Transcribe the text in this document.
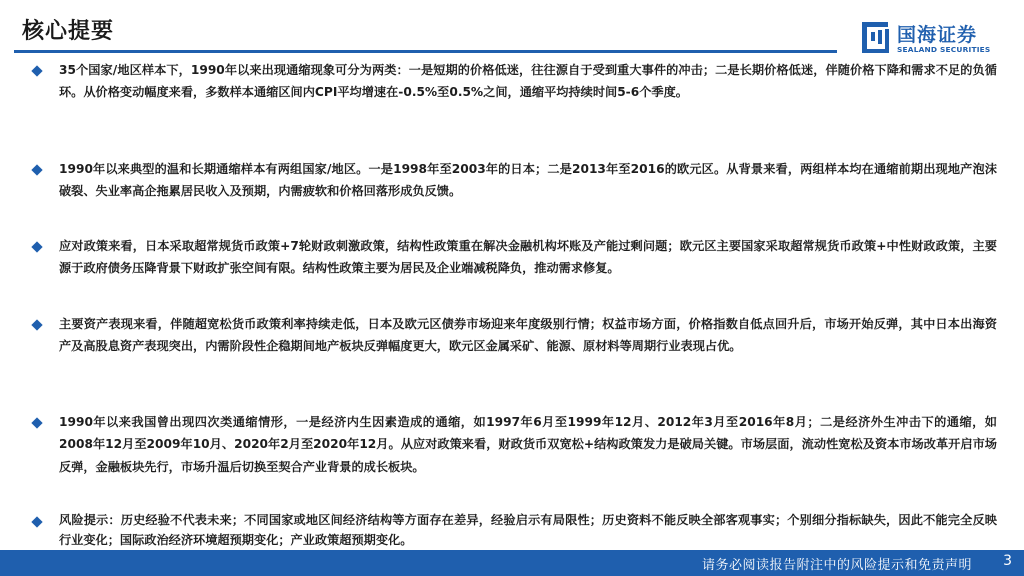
核心提要	国海证券
SEALAND SECURITIES
35个国家/地区样本下，1990年以来出现通缩现象可分为两类：一是短期的价格低迷，往往源自于受到重大事件的冲击；二是长期价格低迷，伴随价格下降和需求不足的负循环。从价格变动幅度来看，多数样本通缩区间内CPI平均增速在-0.5%至0.5%之间，通缩平均持续时间5-6个季度。
1990年以来典型的温和长期通缩样本有两组国家/地区。一是1998年至2003年的日本；二是2013年至2016的欧元区。从背景来看，两组样本均在通缩前期出现地产泡沫破裂、失业率高企拖累居民收入及预期，内需疲软和价格回落形成负反馈。
应对政策来看，日本采取超常规货币政策+7轮财政刺激政策，结构性政策重在解决金融机构坏账及产能过剩问题；欧元区主要国家采取超常规货币政策+中性财政政策，主要源于政府债务压降背景下财政扩张空间有限。结构性政策主要为居民及企业端减税降负，推动需求修复。
主要资产表现来看，伴随超宽松货币政策利率持续走低，日本及欧元区债券市场迎来年度级别行情；权益市场方面，价格指数自低点回升后，市场开始反弹，其中日本出海资产及高股息资产表现突出，内需阶段性企稳期间地产板块反弹幅度更大，欧元区金属采矿、能源、原材料等周期行业表现占优。
1990年以来我国曾出现四次类通缩情形，一是经济内生因素造成的通缩，如1997年6月至1999年12月、2012年3月至2016年8月；二是经济外生冲击下的通缩，如2008年12月至2009年10月、2020年2月至2020年12月。从应对政策来看，财政货币双宽松+结构政策发力是破局关键。市场层面，流动性宽松及资本市场改革开启市场反弹，金融板块先行，市场升温后切换至契合产业背景的成长板块。
风险提示：历史经验不代表未来；不同国家或地区间经济结构等方面存在差异，经验启示有局限性；历史资料不能反映全部客观事实；个别细分指标缺失，因此不能完全反映行业变化；国际政治经济环境超预期变化；产业政策超预期变化。
请务必阅读报告附注中的风险提示和免责声明 3
